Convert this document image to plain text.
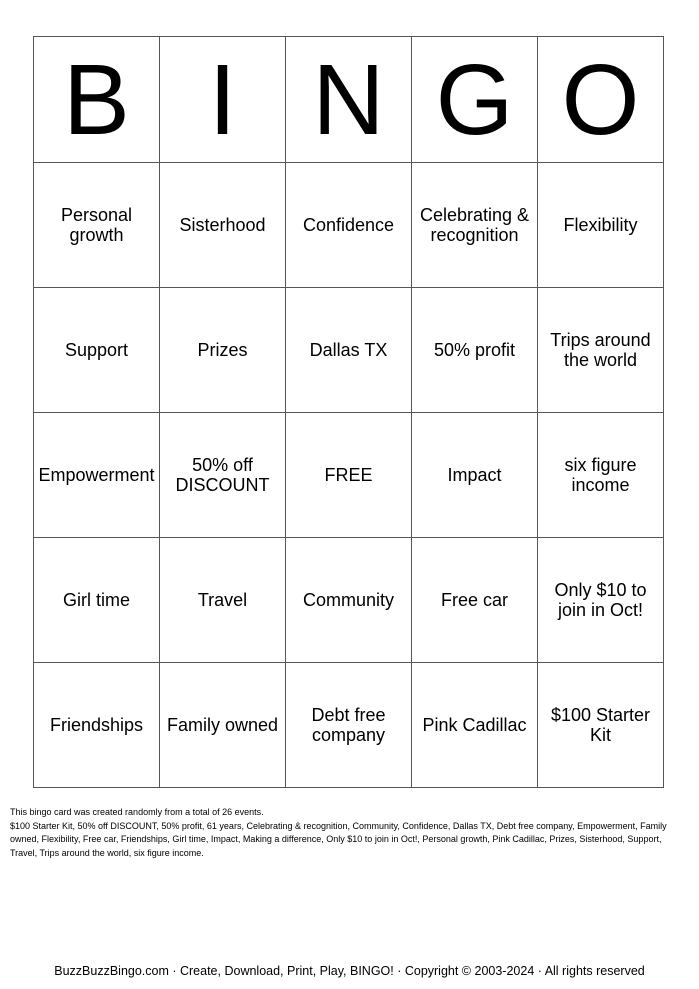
B	I	N	G	O
Personal growth	Sisterhood	Confidence	Celebrating & recognition	Flexibility
Support	Prizes	Dallas TX	50% profit	Trips around the world
Empowerment	50% off DISCOUNT	FREE	Impact	six figure income
Girl time	Travel	Community	Free car	Only $10 to join in Oct!
Friendships	Family owned	Debt free company	Pink Cadillac	$100 Starter Kit

This bingo card was created randomly from a total of 26 events.

$100 Starter Kit, 50% off DISCOUNT, 50% profit, 61 years, Celebrating & recognition, Community, Confidence, Dallas TX, Debt free company, Empowerment, Family owned, Flexibility, Free car, Friendships, Girl time, Impact, Making a difference, Only $10 to join in Oct!, Personal growth, Pink Cadillac, Prizes, Sisterhood, Support, Travel, Trips around the world, six figure income.

BuzzBuzzBingo.com · Create, Download, Print, Play, BINGO! · Copyright © 2003-2024 · All rights reserved
